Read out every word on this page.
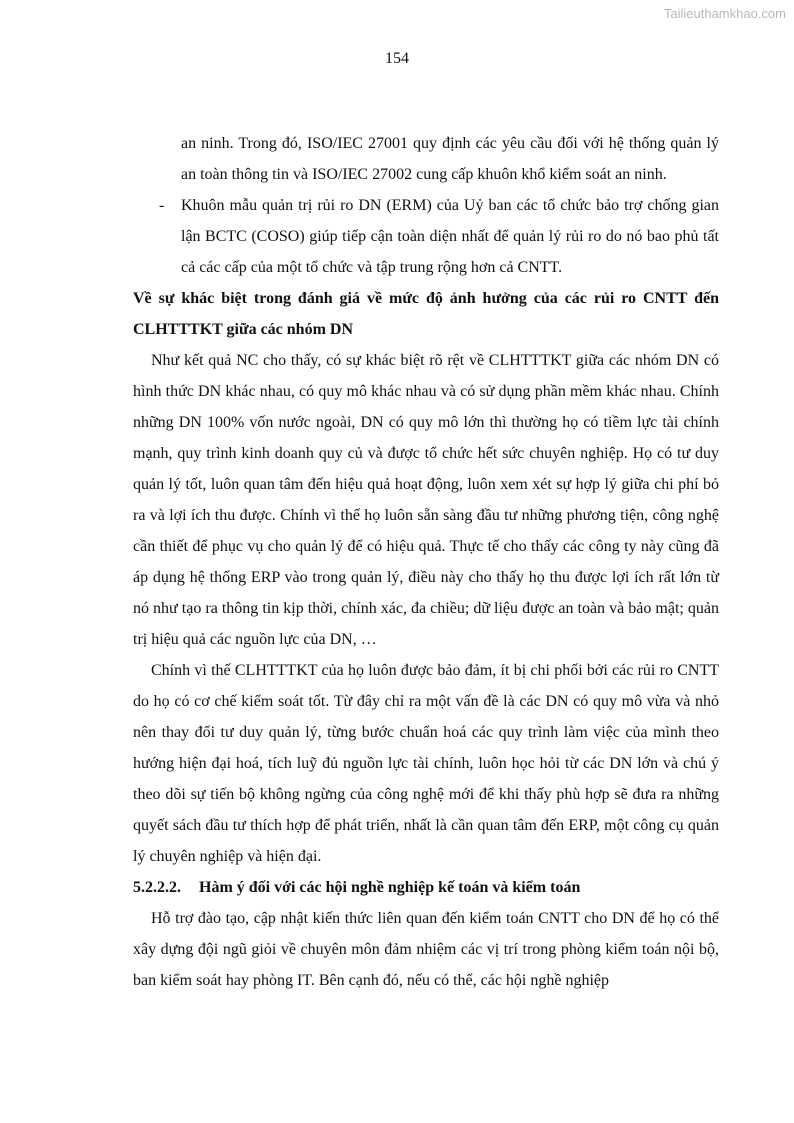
Tailieuthamkhao.com
154

an ninh. Trong đó, ISO/IEC 27001 quy định các yêu cầu đối với hệ thống quản lý an toàn thông tin và ISO/IEC 27002 cung cấp khuôn khổ kiểm soát an ninh.

- Khuôn mẫu quản trị rủi ro DN (ERM) của Uỷ ban các tổ chức bảo trợ chống gian lận BCTC (COSO) giúp tiếp cận toàn diện nhất để quản lý rủi ro do nó bao phủ tất cả các cấp của một tổ chức và tập trung rộng hơn cả CNTT.

Về sự khác biệt trong đánh giá về mức độ ảnh hưởng của các rủi ro CNTT đến CLHTTTKT giữa các nhóm DN

Như kết quả NC cho thấy, có sự khác biệt rõ rệt về CLHTTTKT giữa các nhóm DN có hình thức DN khác nhau, có quy mô khác nhau và có sử dụng phần mềm khác nhau. Chính những DN 100% vốn nước ngoài, DN có quy mô lớn thì thường họ có tiềm lực tài chính mạnh, quy trình kinh doanh quy củ và được tổ chức hết sức chuyên nghiệp. Họ có tư duy quản lý tốt, luôn quan tâm đến hiệu quả hoạt động, luôn xem xét sự hợp lý giữa chi phí bỏ ra và lợi ích thu được. Chính vì thế họ luôn sẵn sàng đầu tư những phương tiện, công nghệ cần thiết để phục vụ cho quản lý để có hiệu quả. Thực tế cho thấy các công ty này cũng đã áp dụng hệ thống ERP vào trong quản lý, điều này cho thấy họ thu được lợi ích rất lớn từ nó như tạo ra thông tin kịp thời, chính xác, đa chiều; dữ liệu được an toàn và bảo mật; quản trị hiệu quả các nguồn lực của DN, …

Chính vì thế CLHTTTKT của họ luôn được bảo đảm, ít bị chi phối bởi các rủi ro CNTT do họ có cơ chế kiểm soát tốt. Từ đây chỉ ra một vấn đề là các DN có quy mô vừa và nhỏ nên thay đổi tư duy quản lý, từng bước chuẩn hoá các quy trình làm việc của mình theo hướng hiện đại hoá, tích luỹ đủ nguồn lực tài chính, luôn học hỏi từ các DN lớn và chú ý theo dõi sự tiến bộ không ngừng của công nghệ mới để khi thấy phù hợp sẽ đưa ra những quyết sách đầu tư thích hợp để phát triển, nhất là cần quan tâm đến ERP, một công cụ quản lý chuyên nghiệp và hiện đại.

5.2.2.2. Hàm ý đối với các hội nghề nghiệp kế toán và kiểm toán

Hỗ trợ đào tạo, cập nhật kiến thức liên quan đến kiểm toán CNTT cho DN để họ có thể xây dựng đội ngũ giỏi về chuyên môn đảm nhiệm các vị trí trong phòng kiểm toán nội bộ, ban kiểm soát hay phòng IT. Bên cạnh đó, nếu có thể, các hội nghề nghiệp
